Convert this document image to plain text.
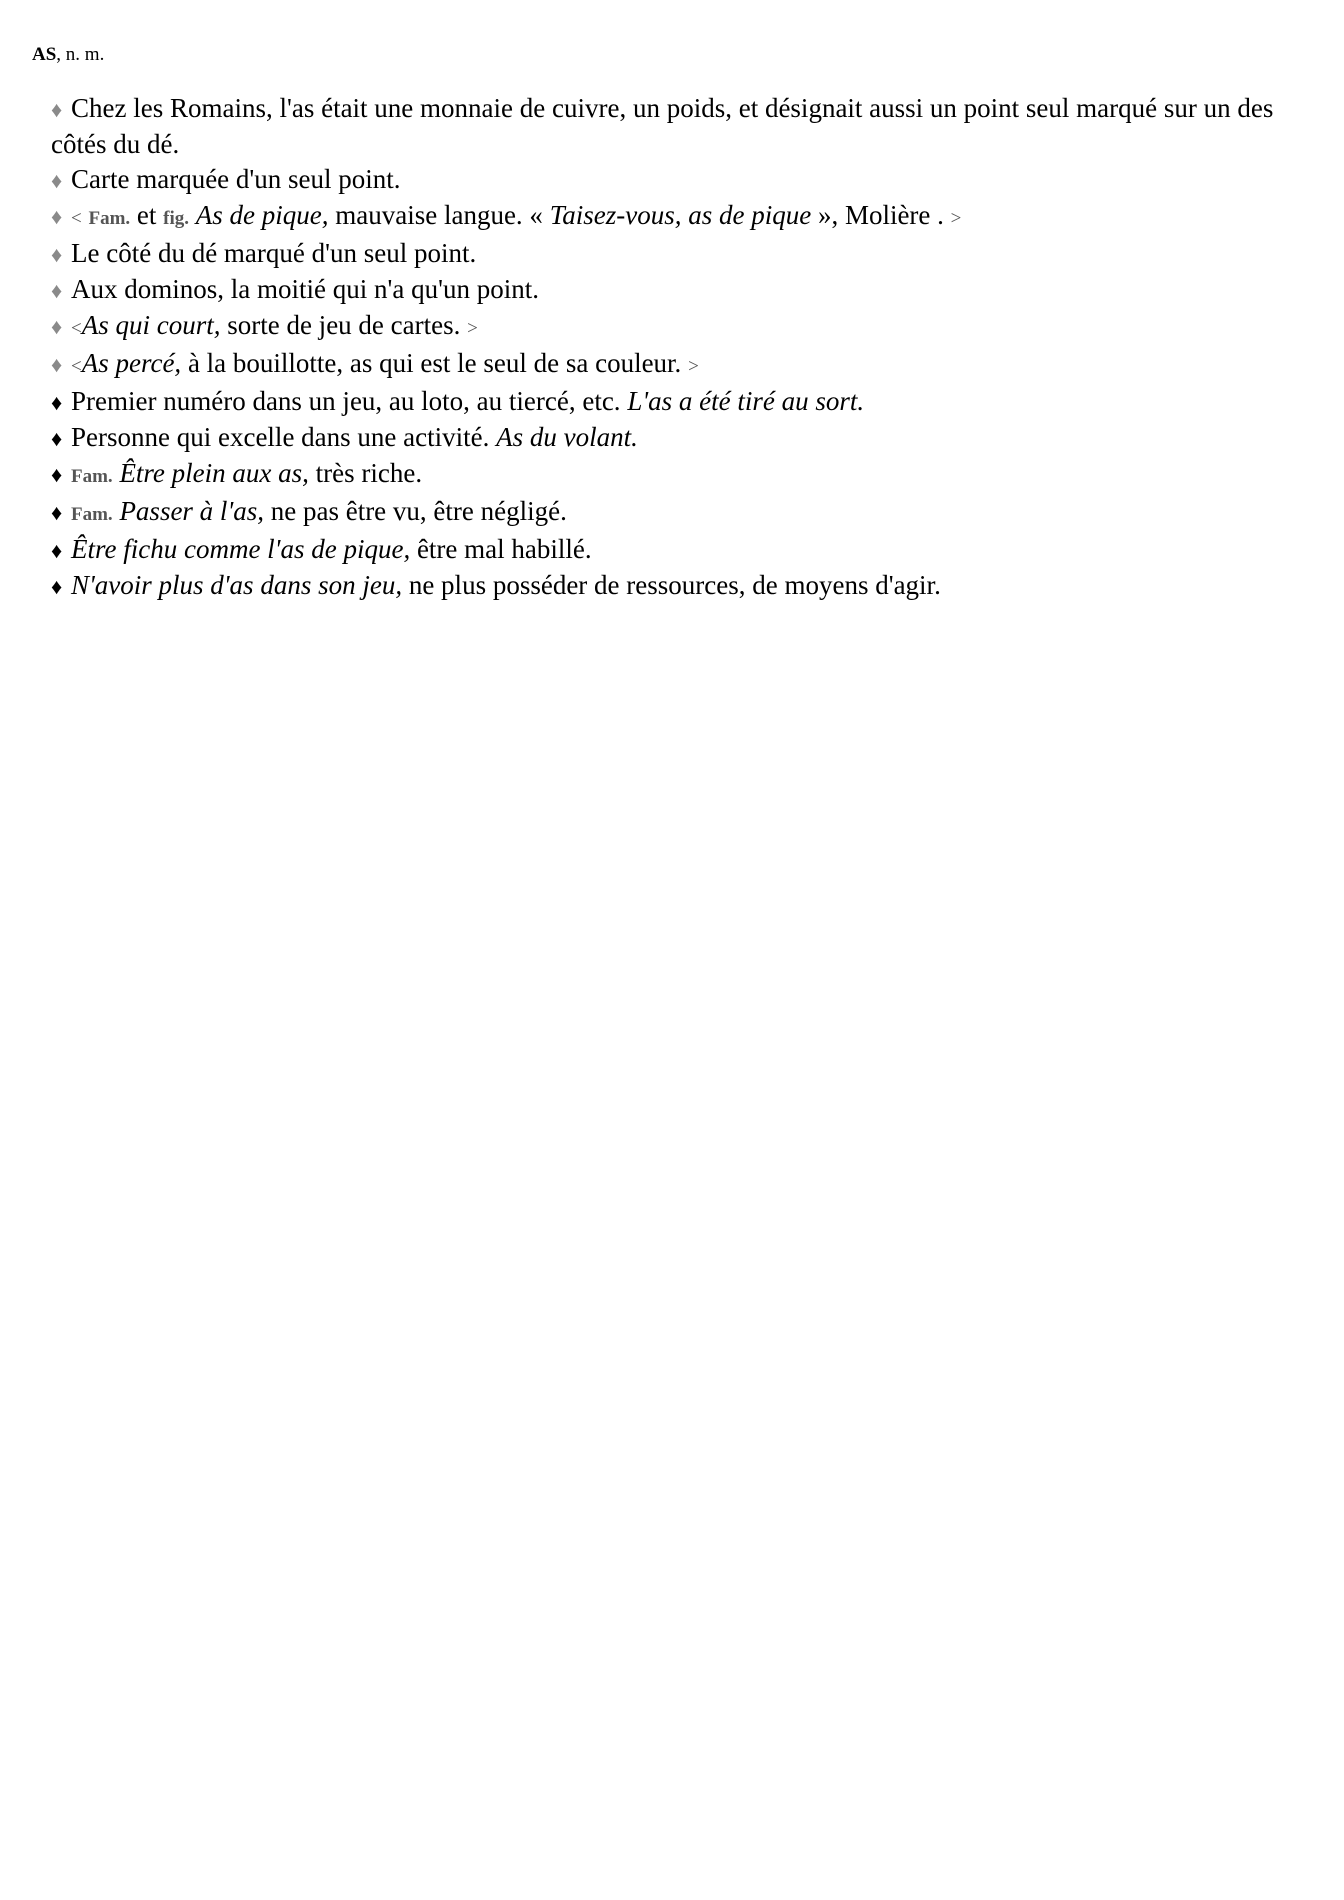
AS, n. m.

♦ Chez les Romains, l'as était une monnaie de cuivre, un poids, et désignait aussi un point seul marqué sur un des côtés du dé.

♦ Carte marquée d'un seul point.

♦ < Fam. et fig. As de pique, mauvaise langue. « Taisez-vous, as de pique », Molière . >

♦ Le côté du dé marqué d'un seul point.

♦ Aux dominos, la moitié qui n'a qu'un point.

♦ <As qui court, sorte de jeu de cartes. >

♦ <As percé, à la bouillotte, as qui est le seul de sa couleur. >

♦ Premier numéro dans un jeu, au loto, au tiercé, etc. L'as a été tiré au sort.

♦ Personne qui excelle dans une activité. As du volant.

♦ Fam. Être plein aux as, très riche.

♦ Fam. Passer à l'as, ne pas être vu, être négligé.

♦ Être fichu comme l'as de pique, être mal habillé.

♦ N'avoir plus d'as dans son jeu, ne plus posséder de ressources, de moyens d'agir.
